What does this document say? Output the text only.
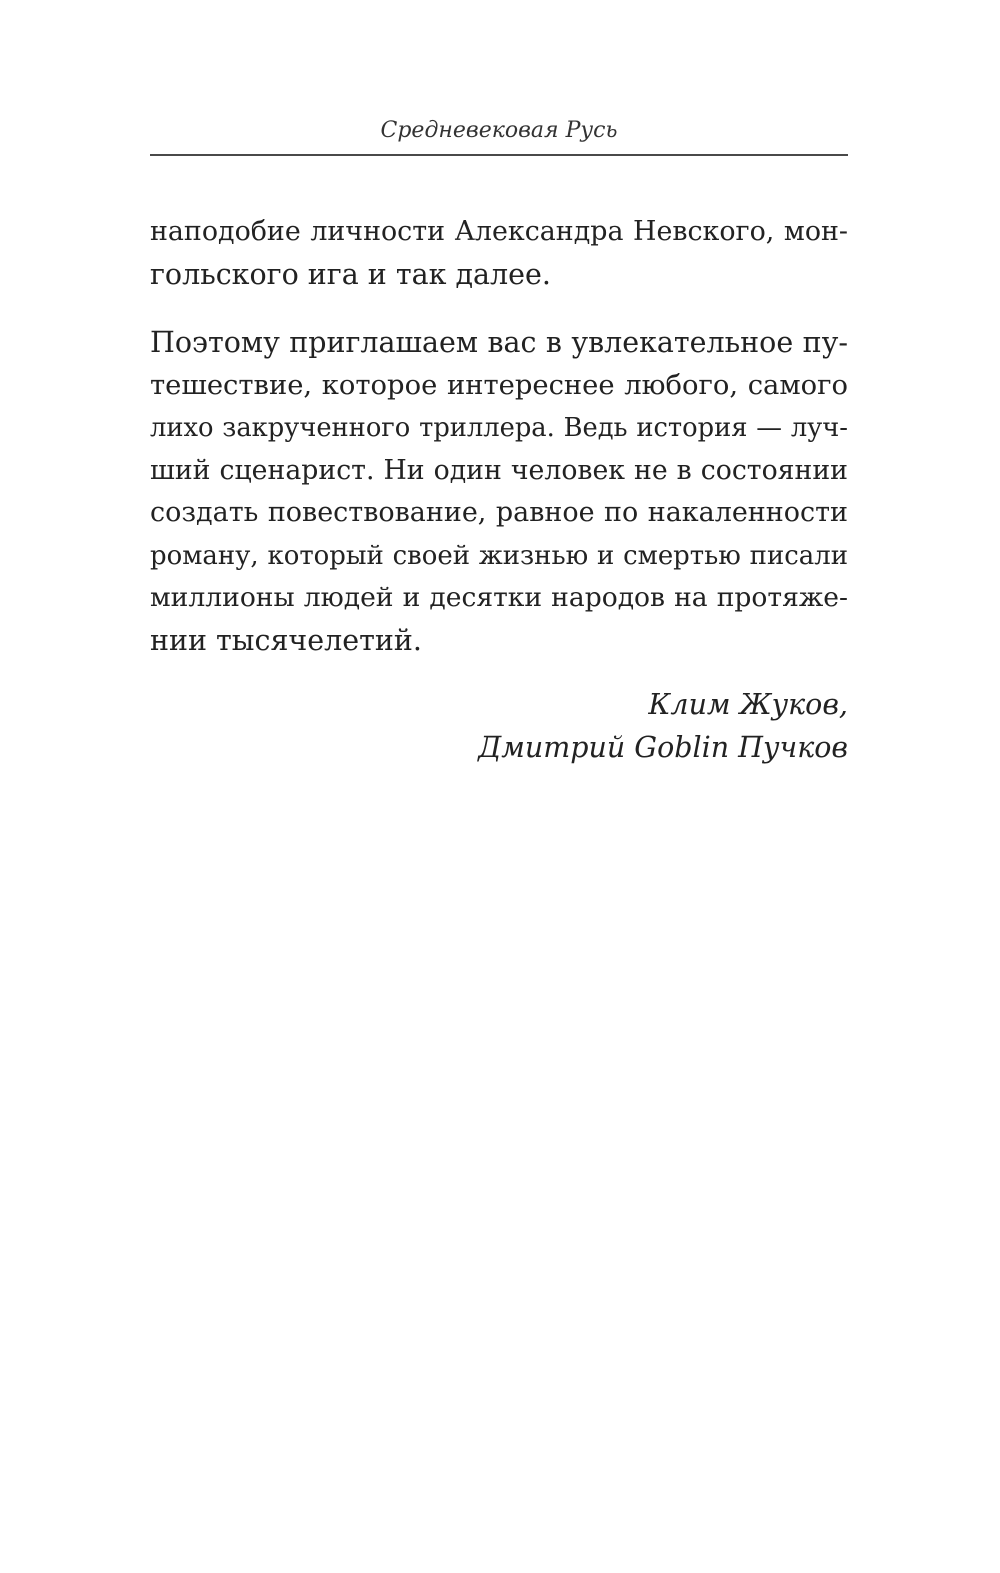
Средневековая Русь
наподобие личности Александра Невского, мон-
гольского ига и так далее.
Поэтому приглашаем вас в увлекательное пу-
тешествие, которое интереснее любого, самого
лихо закрученного триллера. Ведь история — луч-
ший сценарист. Ни один человек не в состоянии
создать повествование, равное по накаленности
роману, который своей жизнью и смертью писали
миллионы людей и десятки народов на протяже-
нии тысячелетий.
Клим Жуков,
Дмитрий Goblin Пучков
